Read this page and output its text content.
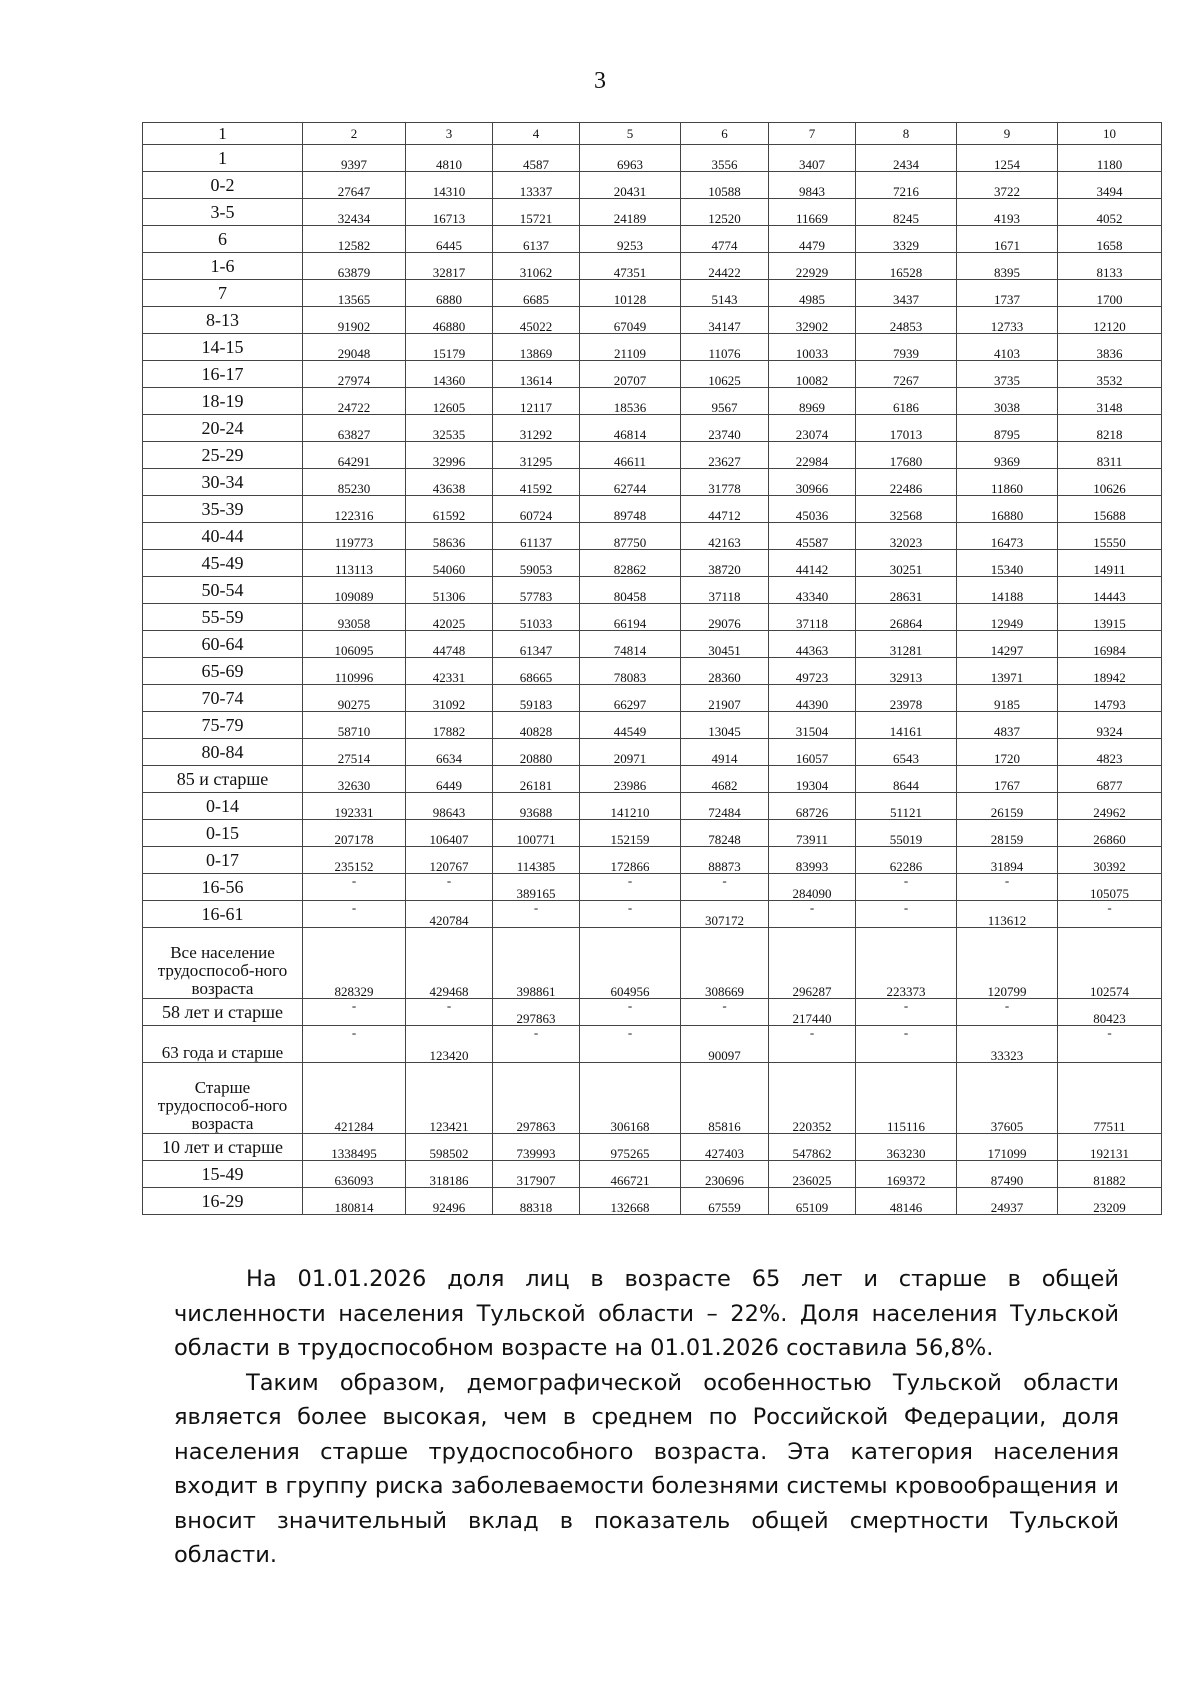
3
1	2	3	4	5	6	7	8	9	10
1	9397	4810	4587	6963	3556	3407	2434	1254	1180
0-2	27647	14310	13337	20431	10588	9843	7216	3722	3494
3-5	32434	16713	15721	24189	12520	11669	8245	4193	4052
6	12582	6445	6137	9253	4774	4479	3329	1671	1658
1-6	63879	32817	31062	47351	24422	22929	16528	8395	8133
7	13565	6880	6685	10128	5143	4985	3437	1737	1700
8-13	91902	46880	45022	67049	34147	32902	24853	12733	12120
14-15	29048	15179	13869	21109	11076	10033	7939	4103	3836
16-17	27974	14360	13614	20707	10625	10082	7267	3735	3532
18-19	24722	12605	12117	18536	9567	8969	6186	3038	3148
20-24	63827	32535	31292	46814	23740	23074	17013	8795	8218
25-29	64291	32996	31295	46611	23627	22984	17680	9369	8311
30-34	85230	43638	41592	62744	31778	30966	22486	11860	10626
35-39	122316	61592	60724	89748	44712	45036	32568	16880	15688
40-44	119773	58636	61137	87750	42163	45587	32023	16473	15550
45-49	113113	54060	59053	82862	38720	44142	30251	15340	14911
50-54	109089	51306	57783	80458	37118	43340	28631	14188	14443
55-59	93058	42025	51033	66194	29076	37118	26864	12949	13915
60-64	106095	44748	61347	74814	30451	44363	31281	14297	16984
65-69	110996	42331	68665	78083	28360	49723	32913	13971	18942
70-74	90275	31092	59183	66297	21907	44390	23978	9185	14793
75-79	58710	17882	40828	44549	13045	31504	14161	4837	9324
80-84	27514	6634	20880	20971	4914	16057	6543	1720	4823
85 и старше	32630	6449	26181	23986	4682	19304	8644	1767	6877
0-14	192331	98643	93688	141210	72484	68726	51121	26159	24962
0-15	207178	106407	100771	152159	78248	73911	55019	28159	26860
0-17	235152	120767	114385	172866	88873	83993	62286	31894	30392
16-56	-	-	389165	-	-	284090	-	-	105075
16-61	-	420784	-	-	307172	-	-	113612	-
Все население трудоспособ-ного возраста	828329	429468	398861	604956	308669	296287	223373	120799	102574
58 лет и старше	-	-	297863	-	-	217440	-	-	80423
63 года и старше	-	123420	-	-	90097	-	-	33323	-
Старше трудоспособ-ного возраста	421284	123421	297863	306168	85816	220352	115116	37605	77511
10 лет и старше	1338495	598502	739993	975265	427403	547862	363230	171099	192131
15-49	636093	318186	317907	466721	230696	236025	169372	87490	81882
16-29	180814	92496	88318	132668	67559	65109	48146	24937	23209

На 01.01.2026 доля лиц в возрасте 65 лет и старше в общей численности населения Тульской области – 22%. Доля населения Тульской области в трудоспособном возрасте на 01.01.2026 составила 56,8%.

Таким образом, демографической особенностью Тульской области является более высокая, чем в среднем по Российской Федерации, доля населения старше трудоспособного возраста. Эта категория населения входит в группу риска заболеваемости болезнями системы кровообращения и вносит значительный вклад в показатель общей смертности Тульской области.
